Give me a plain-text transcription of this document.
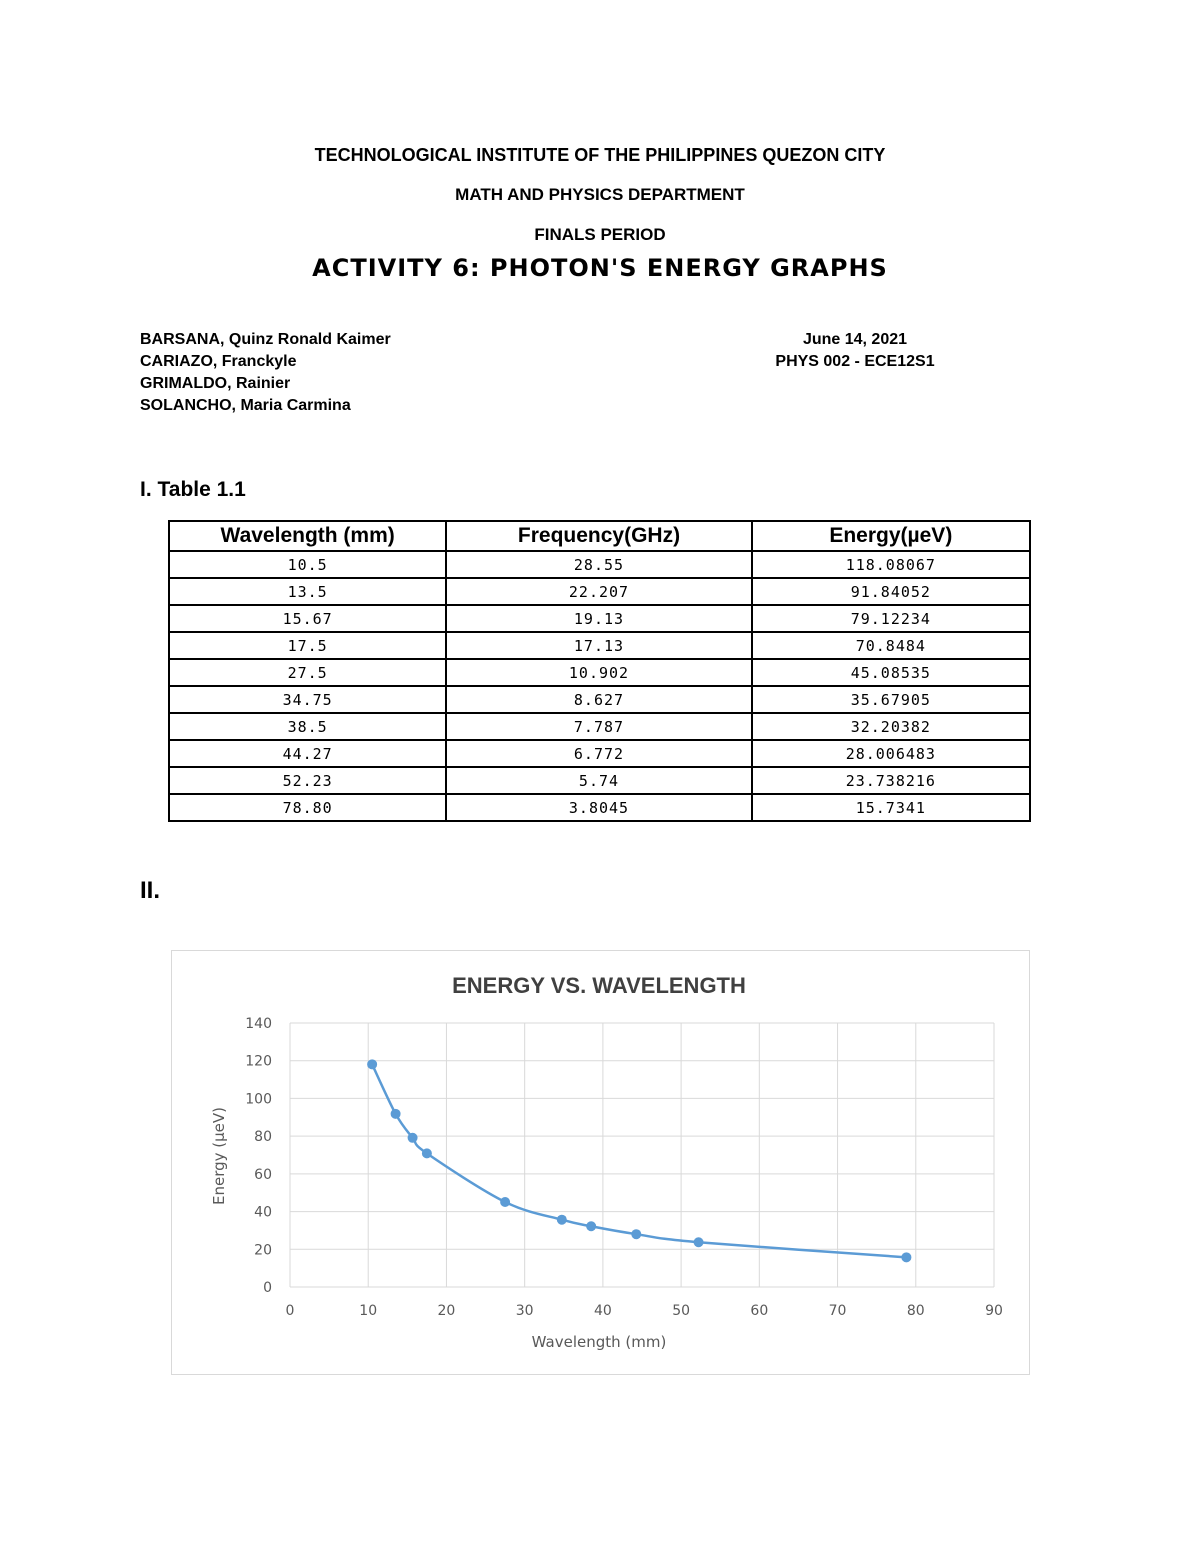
TECHNOLOGICAL INSTITUTE OF THE PHILIPPINES QUEZON CITY
MATH AND PHYSICS DEPARTMENT
FINALS PERIOD
ACTIVITY 6: PHOTON'S ENERGY GRAPHS
BARSANA, Quinz Ronald Kaimer
CARIAZO, Franckyle
GRIMALDO, Rainier
SOLANCHO, Maria Carmina
June 14, 2021
PHYS 002 - ECE12S1
I. Table 1.1
Wavelength (mm)	Frequency(GHz)	Energy(µeV)
10.5	28.55	118.08067
13.5	22.207	91.84052
15.67	19.13	79.12234
17.5	17.13	70.8484
27.5	10.902	45.08535
34.75	8.627	35.67905
38.5	7.787	32.20382
44.27	6.772	28.006483
52.23	5.74	23.738216
78.80	3.8045	15.7341
II.
ENERGY VS. WAVELENGTH
0
20
40
60
80
100
120
140
0	10	20	30	40	50	60	70	80	90
Wavelength (mm)
Energy (µeV)
